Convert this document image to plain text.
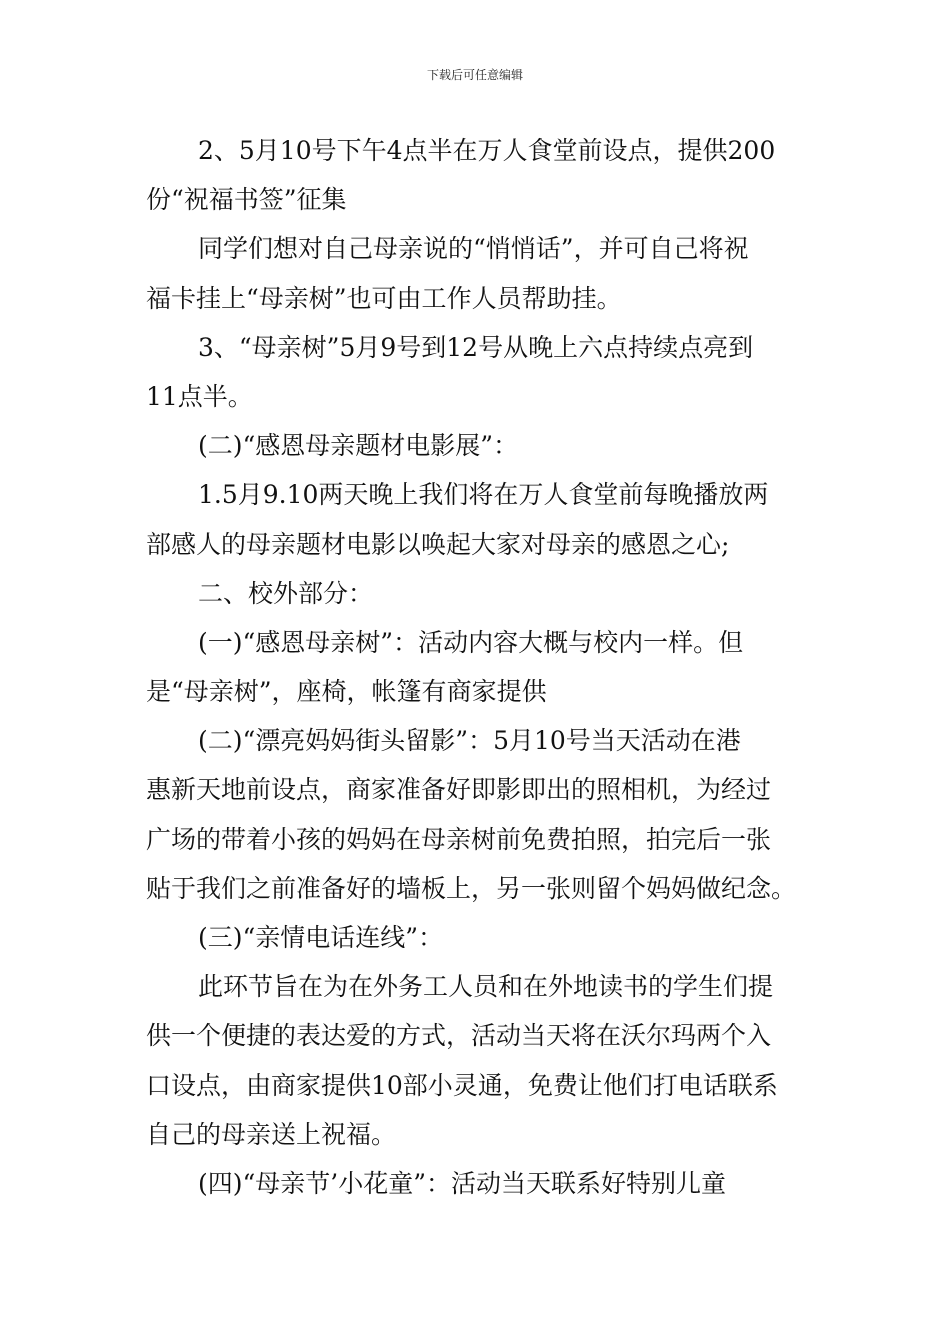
下载后可任意编辑
2、5月10号下午4点半在万人食堂前设点，提供200
份“祝福书签”征集
同学们想对自己母亲说的“悄悄话”，并可自己将祝
福卡挂上“母亲树”也可由工作人员帮助挂。
3、“母亲树”5月9号到12号从晚上六点持续点亮到
11点半。
(二)“感恩母亲题材电影展”：
1.5月9.10两天晚上我们将在万人食堂前每晚播放两
部感人的母亲题材电影以唤起大家对母亲的感恩之心;
二、校外部分：
(一)“感恩母亲树”：活动内容大概与校内一样。但
是“母亲树”，座椅，帐篷有商家提供
(二)“漂亮妈妈街头留影”：5月10号当天活动在港
惠新天地前设点，商家准备好即影即出的照相机，为经过
广场的带着小孩的妈妈在母亲树前免费拍照，拍完后一张
贴于我们之前准备好的墙板上，另一张则留个妈妈做纪念。
(三)“亲情电话连线”：
此环节旨在为在外务工人员和在外地读书的学生们提
供一个便捷的表达爱的方式，活动当天将在沃尔玛两个入
口设点，由商家提供10部小灵通，免费让他们打电话联系
自己的母亲送上祝福。
(四)“母亲节’小花童”：活动当天联系好特别儿童
